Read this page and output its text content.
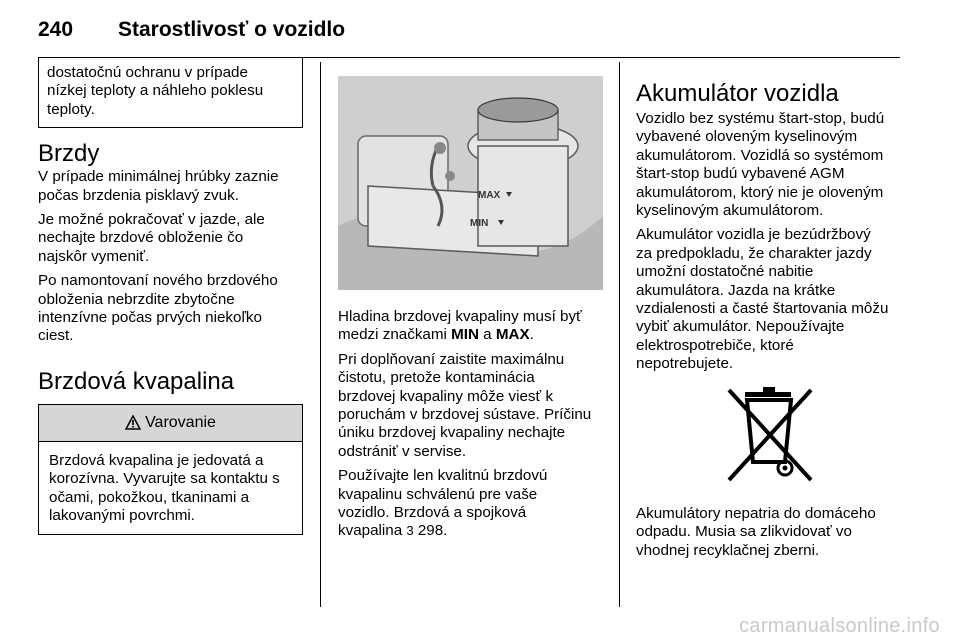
240 Starostlivosť o vozidlo

dostatočnú ochranu v prípade
nízkej teploty a náhleho poklesu
teploty.

Brzdy

V prípade minimálnej hrúbky zaznie
počas brzdenia pisklavý zvuk.

Je možné pokračovať v jazde, ale
nechajte brzdové obloženie čo
najskôr vymeniť.

Po namontovaní nového brzdového
obloženia nebrzdite zbytočne
intenzívne počas prvých niekoľko
ciest.

Brzdová kvapalina
Varovanie

Brzdová kvapalina je jedovatá a
korozívna. Vyvarujte sa kontaktu s
očami, pokožkou, tkaninami a
lakovanými povrchmi.

MAX
MIN

Hladina brzdovej kvapaliny musí byť
medzi značkami MIN a MAX.

Pri doplňovaní zaistite maximálnu
čistotu, pretože kontaminácia
brzdovej kvapaliny môže viesť k
poruchám v brzdovej sústave. Príčinu
úniku brzdovej kvapaliny nechajte
odstrániť v servise.

Používajte len kvalitnú brzdovú
kvapalinu schválenú pre vaše
vozidlo. Brzdová a spojková
kvapalina 3 298.

Akumulátor vozidla

Vozidlo bez systému štart-stop, budú
vybavené oloveným kyselinovým
akumulátorom. Vozidlá so systémom
štart-stop budú vybavené AGM
akumulátorom, ktorý nie je oloveným
kyselinovým akumulátorom.

Akumulátor vozidla je bezúdržbový
za predpokladu, že charakter jazdy
umožní dostatočné nabitie
akumulátora. Jazda na krátke
vzdialenosti a časté štartovania môžu
vybiť akumulátor. Nepoužívajte
elektrospotrebiče, ktoré
nepotrebujete.

Akumulátory nepatria do domáceho
odpadu. Musia sa zlikvidovať vo
vhodnej recyklačnej zberni.

carmanualsonline.info
